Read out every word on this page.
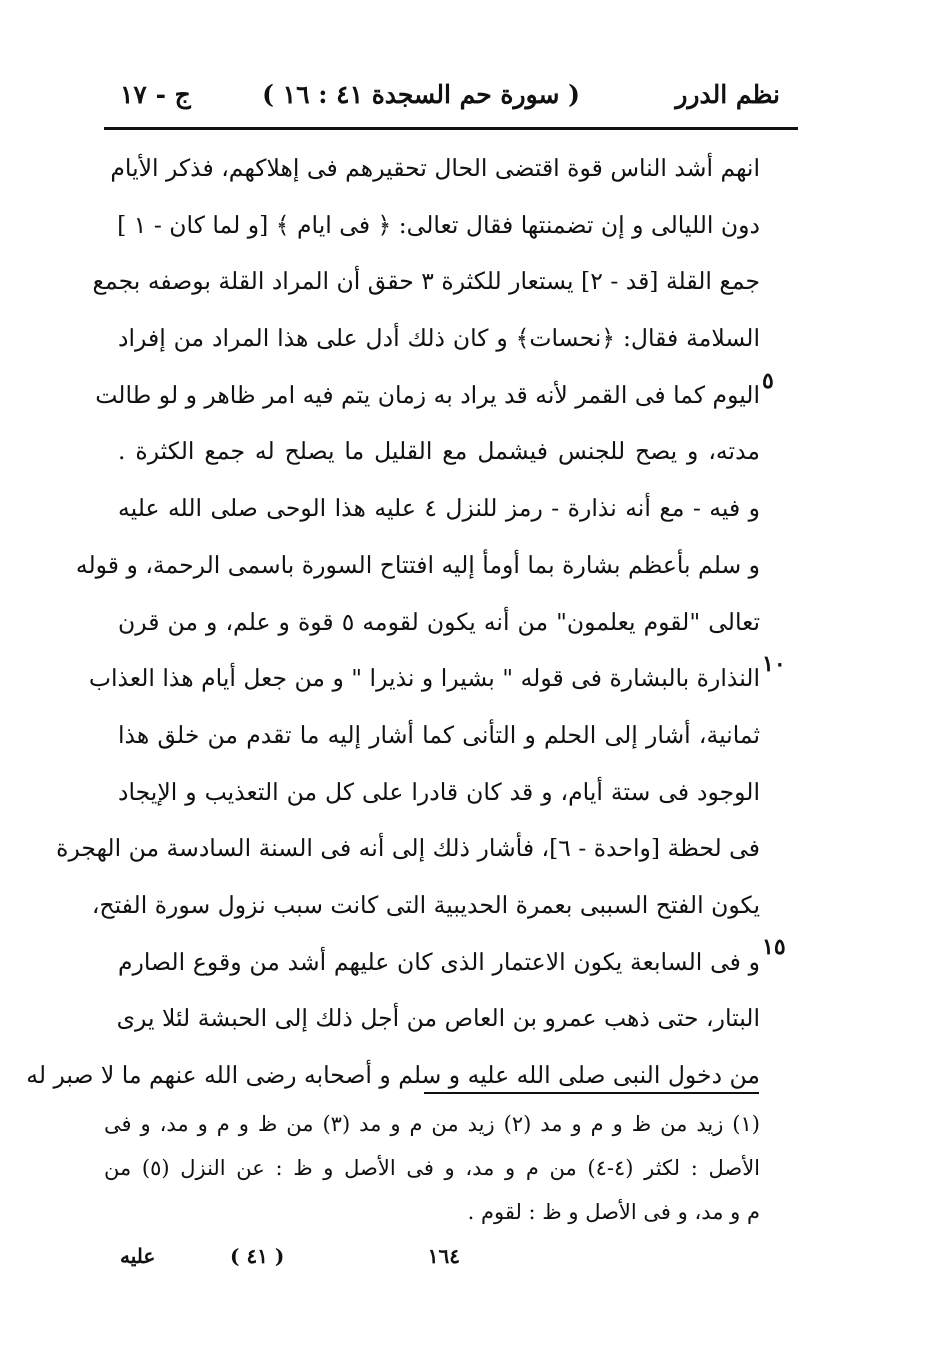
نظم الدرر
( سورة حم السجدة ٤١ : ١٦ )
ج - ١٧
انهم أشد الناس قوة اقتضى الحال تحقيرهم فى إهلاكهم، فذكر الأيام
دون الليالى و إن تضمنتها فقال تعالى: ﴿ فى ايام ﴾ [و لما كان - ١ ]
جمع القلة [قد - ٢] يستعار للكثرة ٣ حقق أن المراد القلة بوصفه بجمع
السلامة فقال: ﴿نحسات﴾ و كان ذلك أدل على هذا المراد من إفراد
اليوم كما فى القمر لأنه قد يراد به زمان يتم فيه امر ظاهر و لو طالت
مدته، و يصح للجنس فيشمل مع القليل ما يصلح له جمع الكثرة .
و فيه - مع أنه نذارة - رمز للنزل ٤ عليه هذا الوحى صلى الله عليه
و سلم بأعظم بشارة بما أومأ إليه افتتاح السورة باسمى الرحمة، و قوله
تعالى "لقوم يعلمون" من أنه يكون لقومه ٥ قوة و علم، و من قرن
النذارة بالبشارة فى قوله " بشيرا و نذيرا " و من جعل أيام هذا العذاب
ثمانية، أشار إلى الحلم و التأنى كما أشار إليه ما تقدم من خلق هذا
الوجود فى ستة أيام، و قد كان قادرا على كل من التعذيب و الإيجاد
فى لحظة [واحدة - ٦]، فأشار ذلك إلى أنه فى السنة السادسة من الهجرة
يكون الفتح السببى بعمرة الحديبية التى كانت سبب نزول سورة الفتح،
و فى السابعة يكون الاعتمار الذى كان عليهم أشد من وقوع الصارم
البتار، حتى ذهب عمرو بن العاص من أجل ذلك إلى الحبشة لئلا يرى
من دخول النبى صلى الله عليه و سلم و أصحابه رضى الله عنهم ما لا صبر له
٥
١٠
١٥
(١) زيد من ظ و م و مد (٢) زيد من م و مد (٣) من ظ و م و مد، و فى
الأصل : لكثر (٤-٤) من م و مد، و فى الأصل و ظ : عن النزل (٥) من
م و مد، و فى الأصل و ظ : لقوم .
١٦٤
( ٤١ )
عليه
